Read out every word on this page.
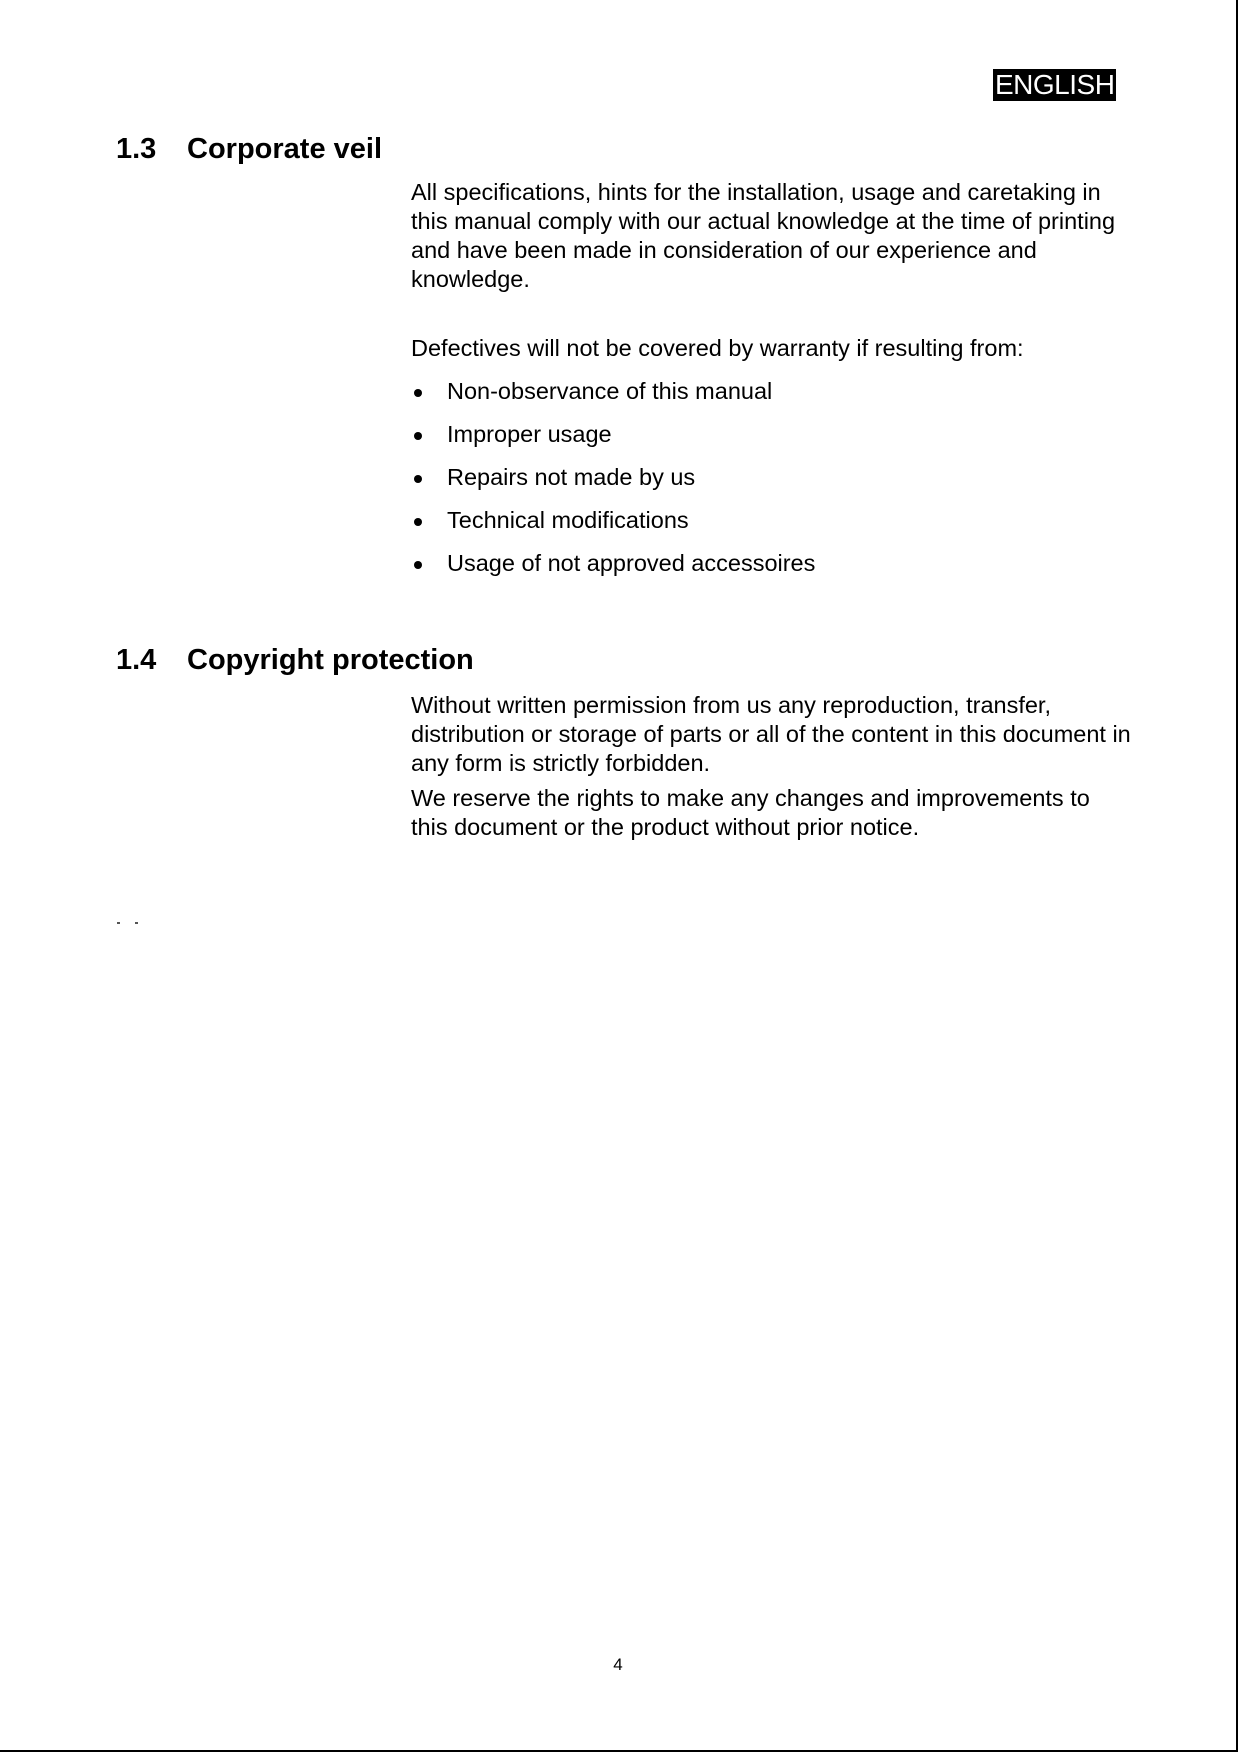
ENGLISH
1.3 Corporate veil

All specifications, hints for the installation, usage and caretaking in this manual comply with our actual knowledge at the time of printing and have been made in consideration of our experience and knowledge.

Defectives will not be covered by warranty if resulting from:

Non-observance of this manual
Improper usage
Repairs not made by us
Technical modifications
Usage of not approved accessoires
1.4 Copyright protection

Without written permission from us any reproduction, transfer, distribution or storage of parts or all of the content in this document in any form is strictly forbidden.

We reserve the rights to make any changes and improvements to this document or the product without prior notice.

4
